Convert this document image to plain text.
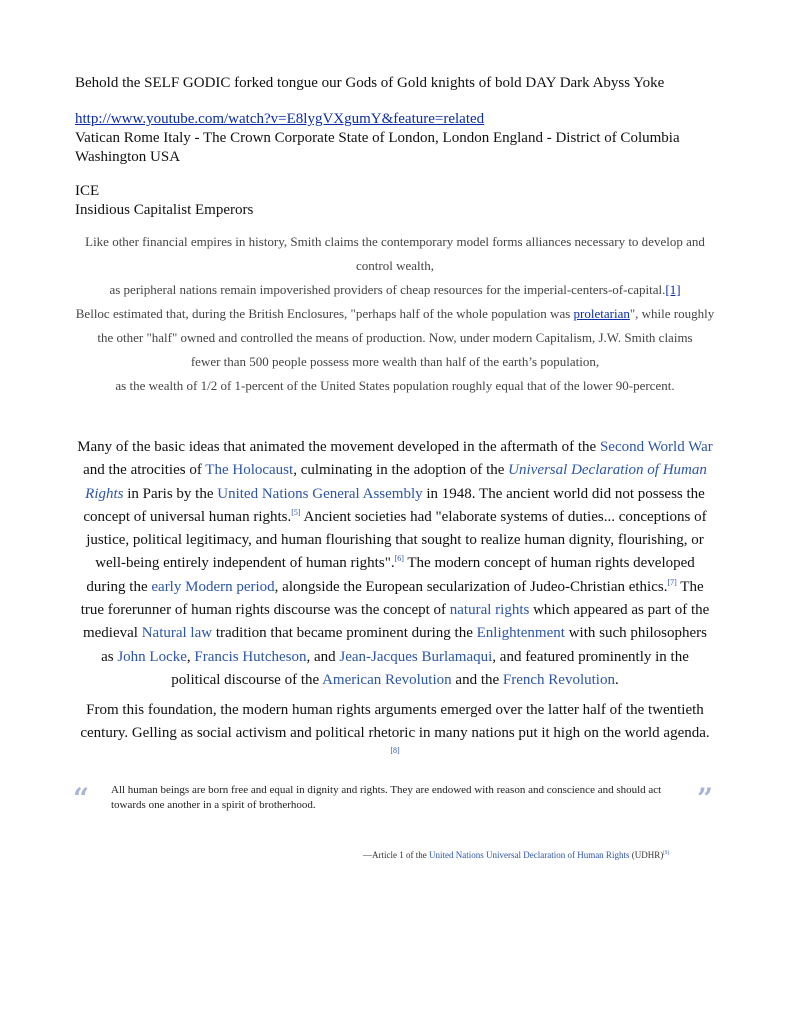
Behold the SELF GODIC forked tongue our Gods of Gold knights of bold DAY Dark Abyss Yoke
http://www.youtube.com/watch?v=E8lygVXgumY&feature=related
Vatican Rome Italy - The Crown Corporate State of London, London England - District of Columbia Washington USA
ICE
Insidious Capitalist Emperors
Like other financial empires in history, Smith claims the contemporary model forms alliances necessary to develop and control wealth,
as peripheral nations remain impoverished providers of cheap resources for the imperial-centers-of-capital.[1]
Belloc estimated that, during the British Enclosures, "perhaps half of the whole population was proletarian", while roughly the other "half" owned and controlled the means of production. Now, under modern Capitalism, J.W. Smith claims
fewer than 500 people possess more wealth than half of the earth’s population,
as the wealth of 1/2 of 1-percent of the United States population roughly equal that of the lower 90-percent.
Many of the basic ideas that animated the movement developed in the aftermath of the Second World War and the atrocities of The Holocaust, culminating in the adoption of the Universal Declaration of Human Rights in Paris by the United Nations General Assembly in 1948. The ancient world did not possess the concept of universal human rights.[5] Ancient societies had "elaborate systems of duties... conceptions of justice, political legitimacy, and human flourishing that sought to realize human dignity, flourishing, or well-being entirely independent of human rights".[6] The modern concept of human rights developed during the early Modern period, alongside the European secularization of Judeo-Christian ethics.[7] The true forerunner of human rights discourse was the concept of natural rights which appeared as part of the medieval Natural law tradition that became prominent during the Enlightenment with such philosophers as John Locke, Francis Hutcheson, and Jean-Jacques Burlamaqui, and featured prominently in the political discourse of the American Revolution and the French Revolution.
From this foundation, the modern human rights arguments emerged over the latter half of the twentieth century. Gelling as social activism and political rhetoric in many nations put it high on the world agenda.
[8]
“ All human beings are born free and equal in dignity and rights. They are endowed with reason and conscience and should act towards one another in a spirit of brotherhood.	”
—Article 1 of the United Nations Universal Declaration of Human Rights (UDHR)[9]
